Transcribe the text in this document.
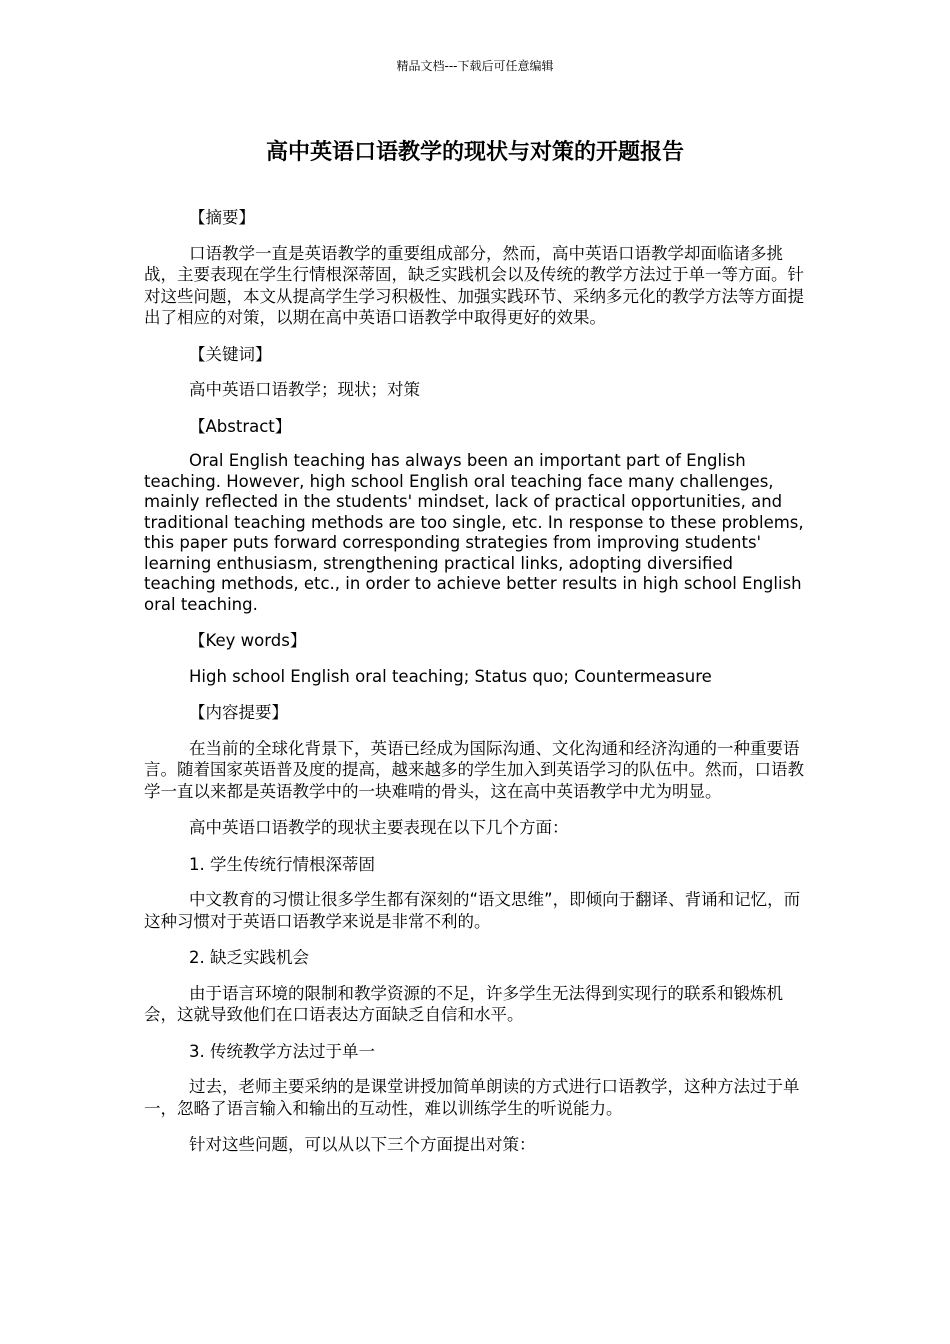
精品文档---下载后可任意编辑
高中英语口语教学的现状与对策的开题报告

【摘要】

口语教学一直是英语教学的重要组成部分，然而，高中英语口语教学却面临诸多挑战，主要表现在学生行情根深蒂固，缺乏实践机会以及传统的教学方法过于单一等方面。针对这些问题，本文从提高学生学习积极性、加强实践环节、采纳多元化的教学方法等方面提出了相应的对策，以期在高中英语口语教学中取得更好的效果。

【关键词】

高中英语口语教学；现状；对策

【Abstract】

Oral English teaching has always been an important part of English teaching. However, high school English oral teaching face many challenges, mainly reflected in the students' mindset, lack of practical opportunities, and traditional teaching methods are too single, etc. In response to these problems, this paper puts forward corresponding strategies from improving students' learning enthusiasm, strengthening practical links, adopting diversified teaching methods, etc., in order to achieve better results in high school English oral teaching.

【Key words】

High school English oral teaching; Status quo; Countermeasure

【内容提要】

在当前的全球化背景下，英语已经成为国际沟通、文化沟通和经济沟通的一种重要语言。随着国家英语普及度的提高，越来越多的学生加入到英语学习的队伍中。然而，口语教学一直以来都是英语教学中的一块难啃的骨头，这在高中英语教学中尤为明显。

高中英语口语教学的现状主要表现在以下几个方面：

1. 学生传统行情根深蒂固

中文教育的习惯让很多学生都有深刻的“语文思维”，即倾向于翻译、背诵和记忆，而这种习惯对于英语口语教学来说是非常不利的。

2. 缺乏实践机会

由于语言环境的限制和教学资源的不足，许多学生无法得到实现行的联系和锻炼机会，这就导致他们在口语表达方面缺乏自信和水平。

3. 传统教学方法过于单一

过去，老师主要采纳的是课堂讲授加简单朗读的方式进行口语教学，这种方法过于单一，忽略了语言输入和输出的互动性，难以训练学生的听说能力。

针对这些问题，可以从以下三个方面提出对策：
